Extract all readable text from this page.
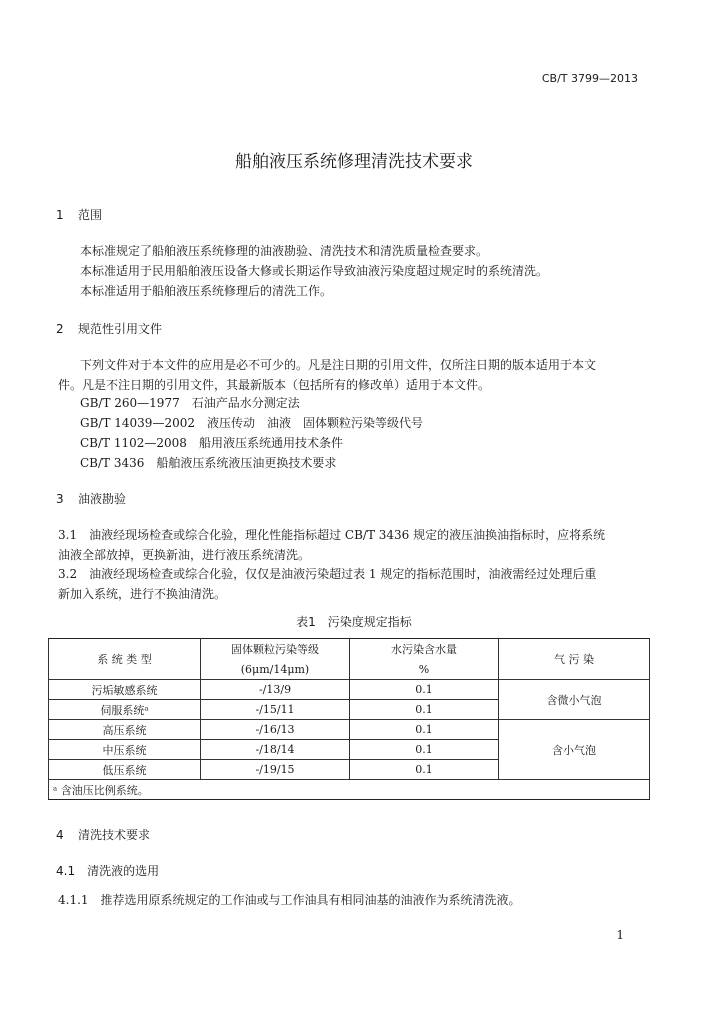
CB/T 3799—2013
船舶液压系统修理清洗技术要求
1 范围
本标准规定了船舶液压系统修理的油液勘验、清洗技术和清洗质量检查要求。
本标准适用于民用船舶液压设备大修或长期运作导致油液污染度超过规定时的系统清洗。
本标准适用于船舶液压系统修理后的清洗工作。
2 规范性引用文件
下列文件对于本文件的应用是必不可少的。凡是注日期的引用文件，仅所注日期的版本适用于本文
件。凡是不注日期的引用文件，其最新版本（包括所有的修改单）适用于本文件。
GB/T 260—1977　石油产品水分测定法
GB/T 14039—2002　液压传动　油液　固体颗粒污染等级代号
CB/T 1102—2008　船用液压系统通用技术条件
CB/T 3436　船舶液压系统液压油更换技术要求
3 油液勘验
3.1　油液经现场检查或综合化验，理化性能指标超过 CB/T 3436 规定的液压油换油指标时，应将系统
油液全部放掉，更换新油，进行液压系统清洗。
3.2　油液经现场检查或综合化验，仅仅是油液污染超过表 1 规定的指标范围时，油液需经过处理后重
新加入系统，进行不换油清洗。
表1　污染度规定指标
系 统 类 型	固体颗粒污染等级	水污染含水量	气 污 染
	(6μm/14μm)	%	
污垢敏感系统	-/13/9	0.1	含微小气泡
伺服系统ᵃ	-/15/11	0.1	
高压系统	-/16/13	0.1	含小气泡
中压系统	-/18/14	0.1	
低压系统	-/19/15	0.1	
ᵃ 含油压比例系统。			
4 清洗技术要求
4.1　清洗液的选用
4.1.1　推荐选用原系统规定的工作油或与工作油具有相同油基的油液作为系统清洗液。
1
